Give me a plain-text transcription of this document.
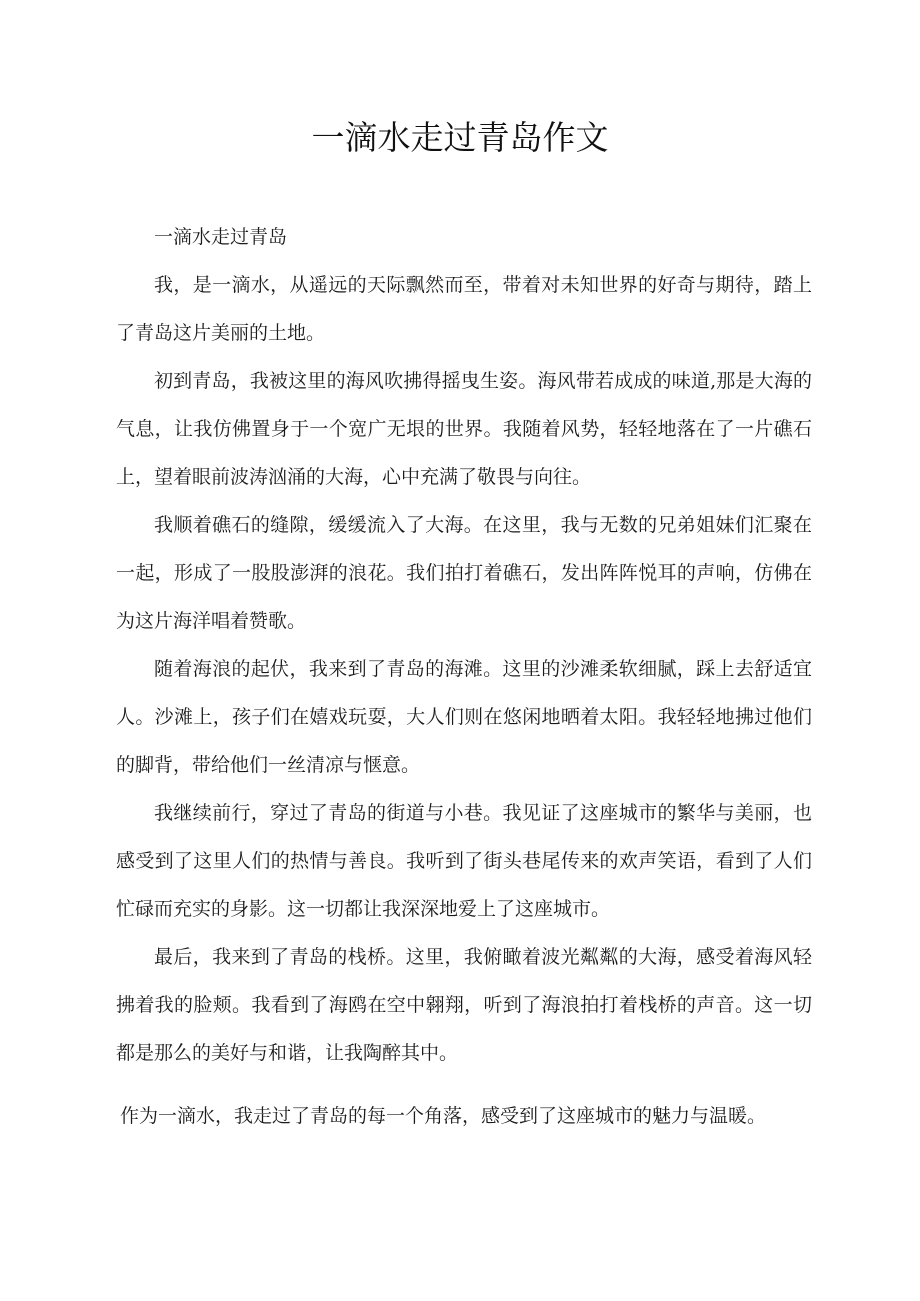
一滴水走过青岛作文

一滴水走过青岛

我，是一滴水，从遥远的天际飘然而至，带着对未知世界的好奇与期待，踏上了青岛这片美丽的土地。

初到青岛，我被这里的海风吹拂得摇曳生姿。海风带若成成的味道,那是大海的气息，让我仿佛置身于一个宽广无垠的世界。我随着风势，轻轻地落在了一片礁石上，望着眼前波涛汹涌的大海，心中充满了敬畏与向往。

我顺着礁石的缝隙，缓缓流入了大海。在这里，我与无数的兄弟姐妹们汇聚在一起，形成了一股股澎湃的浪花。我们拍打着礁石，发出阵阵悦耳的声响，仿佛在为这片海洋唱着赞歌。

随着海浪的起伏，我来到了青岛的海滩。这里的沙滩柔软细腻，踩上去舒适宜人。沙滩上，孩子们在嬉戏玩耍，大人们则在悠闲地晒着太阳。我轻轻地拂过他们的脚背，带给他们一丝清凉与惬意。

我继续前行，穿过了青岛的街道与小巷。我见证了这座城市的繁华与美丽，也感受到了这里人们的热情与善良。我听到了街头巷尾传来的欢声笑语，看到了人们忙碌而充实的身影。这一切都让我深深地爱上了这座城市。

最后，我来到了青岛的栈桥。这里，我俯瞰着波光粼粼的大海，感受着海风轻拂着我的脸颊。我看到了海鸥在空中翱翔，听到了海浪拍打着栈桥的声音。这一切都是那么的美好与和谐，让我陶醉其中。

作为一滴水，我走过了青岛的每一个角落，感受到了这座城市的魅力与温暖。
